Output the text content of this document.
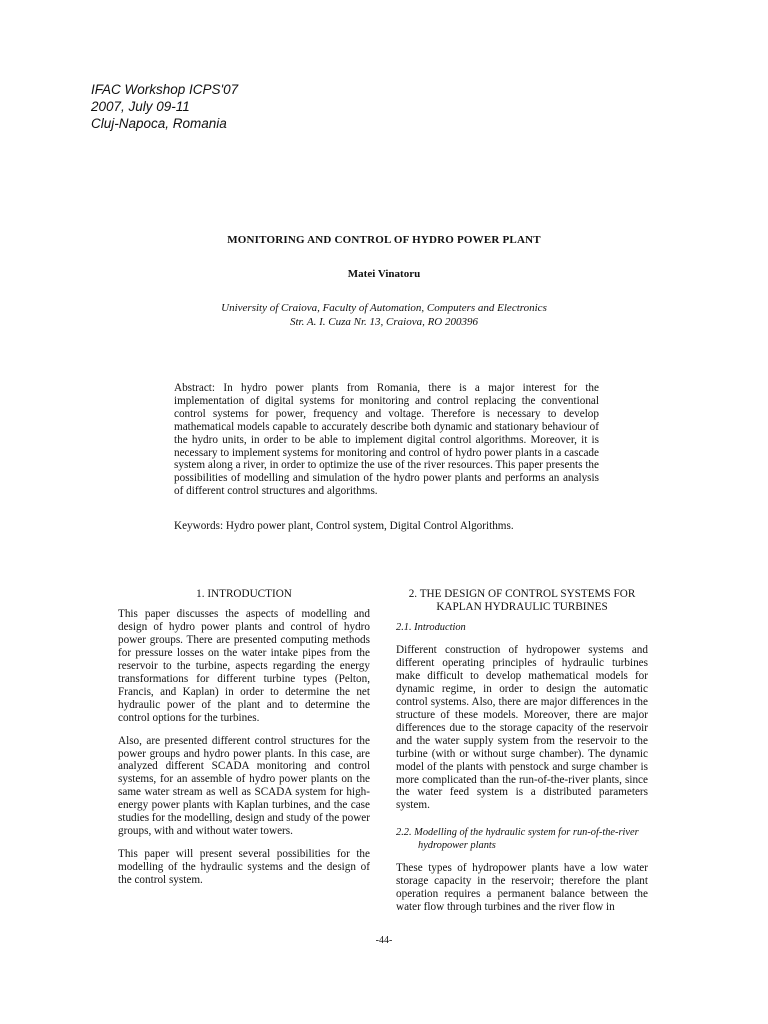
IFAC Workshop ICPS'07
2007, July 09-11
Cluj-Napoca, Romania
MONITORING AND CONTROL OF HYDRO POWER PLANT
Matei Vinatoru
University of Craiova, Faculty of Automation, Computers and Electronics
Str. A. I. Cuza Nr. 13, Craiova, RO 200396
Abstract: In hydro power plants from Romania, there is a major interest for the implementation of digital systems for monitoring and control replacing the conventional control systems for power, frequency and voltage. Therefore is necessary to develop mathematical models capable to accurately describe both dynamic and stationary behaviour of the hydro units, in order to be able to implement digital control algorithms. Moreover, it is necessary to implement systems for monitoring and control of hydro power plants in a cascade system along a river, in order to optimize the use of the river resources. This paper presents the possibilities of modelling and simulation of the hydro power plants and performs an analysis of different control structures and algorithms.
Keywords: Hydro power plant, Control system, Digital Control Algorithms.
1. INTRODUCTION

This paper discusses the aspects of modelling and design of hydro power plants and control of hydro power groups. There are presented computing methods for pressure losses on the water intake pipes from the reservoir to the turbine, aspects regarding the energy transformations for different turbine types (Pelton, Francis, and Kaplan) in order to determine the net hydraulic power of the plant and to determine the control options for the turbines.

Also, are presented different control structures for the power groups and hydro power plants. In this case, are analyzed different SCADA monitoring and control systems, for an assemble of hydro power plants on the same water stream as well as SCADA system for high-energy power plants with Kaplan turbines, and the case studies for the modelling, design and study of the power groups, with and without water towers.

This paper will present several possibilities for the modelling of the hydraulic systems and the design of the control system.

2. THE DESIGN OF CONTROL SYSTEMS FOR
KAPLAN HYDRAULIC TURBINES
2.1. Introduction

Different construction of hydropower systems and different operating principles of hydraulic turbines make difficult to develop mathematical models for dynamic regime, in order to design the automatic control systems. Also, there are major differences in the structure of these models. Moreover, there are major differences due to the storage capacity of the reservoir and the water supply system from the reservoir to the turbine (with or without surge chamber). The dynamic model of the plants with penstock and surge chamber is more complicated than the run-of-the-river plants, since the water feed system is a distributed parameters system.

2.2. Modelling of the hydraulic system for run-of-the-river hydropower plants

These types of hydropower plants have a low water storage capacity in the reservoir; therefore the plant operation requires a permanent balance between the water flow through turbines and the river flow in

-44-
